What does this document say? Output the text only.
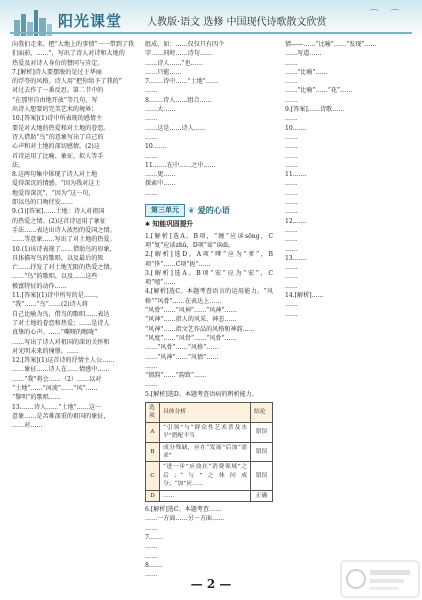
阳光课堂 人教版·语文 选修 中国现代诗歌散文欣赏
⌒ ⌒

向我们走来、把“大地上的事情”一一带到了我们面前，……”，写出了诗人对诗和大地的

热爱及对诗人身份的赞同与肯定。

7.[解析]诗人要摆脱的是过于华丽

的浮夸的风格，诗人用“把你给予了我的”

对过去作了一番反思。第二节中的

“在那里自由地开放”等几句，写

出诗人想要的完美艺术的境界；

10.[答案](1)诗中所表现的感情主

要是对大地的热爱和对土地的眷恋。

诗人借助“鸟”的意象写出了自己的

心声和对土地的深切感情。(2)这

首诗运用了比喻、象征、拟人等手

法。

8.这两句集中体现了诗人对土地

爱得深沉的情感。“因为我对这土

地爱得深沉”，“因为”这一句，

即以鸟的口吻抒发……

9.(1)[答案]……土地：诗人对祖国

的热爱之情。(2)这首诗运用了象征

手法……表达出诗人浓烈的爱国之情。

……等意象……写出了对土地的热爱。

10.(1)该诗表现了……借助鸟的形象，

具体描写鸟的歌唱，以及最后的死

亡……抒发了对土地无限的热爱之情。

……“鸟”的歌唱、以及……这些

极富特征的动作……

11.[答案](1)诗中所写的是……，

“我”……“鸟”……(2)诗人将

自己比喻为鸟，借鸟的歌唱……表达

了对土地的眷恋和热爱；……是诗人

真挚的心声。……“嘶哑的喉咙”

……写出了诗人对祖国的深切关怀和

对光明未来的憧憬。……

12.[答案](1)这首诗的抒情主人公……

……象征……诗人在……情感中……

……“我”将会……（2）……以对

“土地”……“河流”……“风”……

“黎明”的歌唱……

13.……诗人……“土地”……这一

意象……是苦难深重的祖国的象征，

……对……

组成，如：……仅仅只有四个

字……同时……诗句……

……诗人……“也……

……只能……

7.……诗中……“土地”……

……

8.……诗人……组合……

……大……

……

……这是……诗人……

……

10.……

……

11.……在中……之中……

……更……

探索中……

……

第三单元	❦ 爱的心语
✱ 知能巩固提升

1.[解析]选A。B项，“缠”应读sōng，C项“复”应读zhǔ，D项“谛”读dì。

2.[解析]选D。A项“嗲”应为“爹”，B项“侈”……C项“扼”……

3.[解析]选A。B项“宏”应为“宏”，C项“嘻”……

4.[解析]选C。本题考查语言的运用能力。“风格”“风骨”……在表达上……

“风骨”……“风神”……“风神”……

“风神”……指人的风采、神态……

“风神”……指文艺作品的风格和神韵……

“风度”……“风骨”……“风骨”……

……“风骨”……“风格”……

……“风神”……“风情”……

……

“情韵”……“韵致”……

……

5.[解析]选D。本题考查语病的辨析能力。

选项	具体分析	结论
A	“引领”与“群众性艺术普及水平”搭配不当	错误
B	成分残缺，应在“发展”后加“需求”	错误
C	“进一步”应放在“消费领域”之后；“与”之体问成分；“加”应……	错误
D	……	正确

6.[解析]选C。本题考查……

……一方面……另一方面……

……

7.……

……

……

8.……

……

情——……“比喻”……“发现”……

……写道……

……

……“比喻”……

……

……“比喻”……“花”……

……

9.[答案]……诗歌……

……

10.……

……

……

……

……

11.……

……

……

……

……

12.……

……

……

……

13.……

……

……

……

14.[解析]……

……

……

— 2 —
